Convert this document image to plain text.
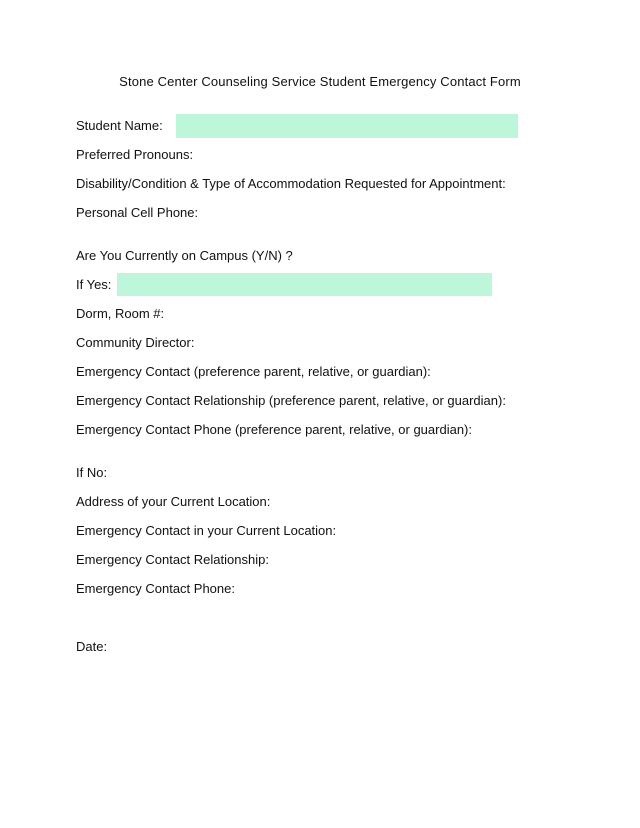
Stone Center Counseling Service Student Emergency Contact Form
Student Name:
Preferred Pronouns:
Disability/Condition & Type of Accommodation Requested for Appointment:
Personal Cell Phone:
Are You Currently on Campus (Y/N) ?
If Yes:
Dorm, Room #:
Community Director:
Emergency Contact (preference parent, relative, or guardian):
Emergency Contact Relationship (preference parent, relative, or guardian):
Emergency Contact Phone (preference parent, relative, or guardian):
If No:
Address of your Current Location:
Emergency Contact in your Current Location:
Emergency Contact Relationship:
Emergency Contact Phone:
Date:
